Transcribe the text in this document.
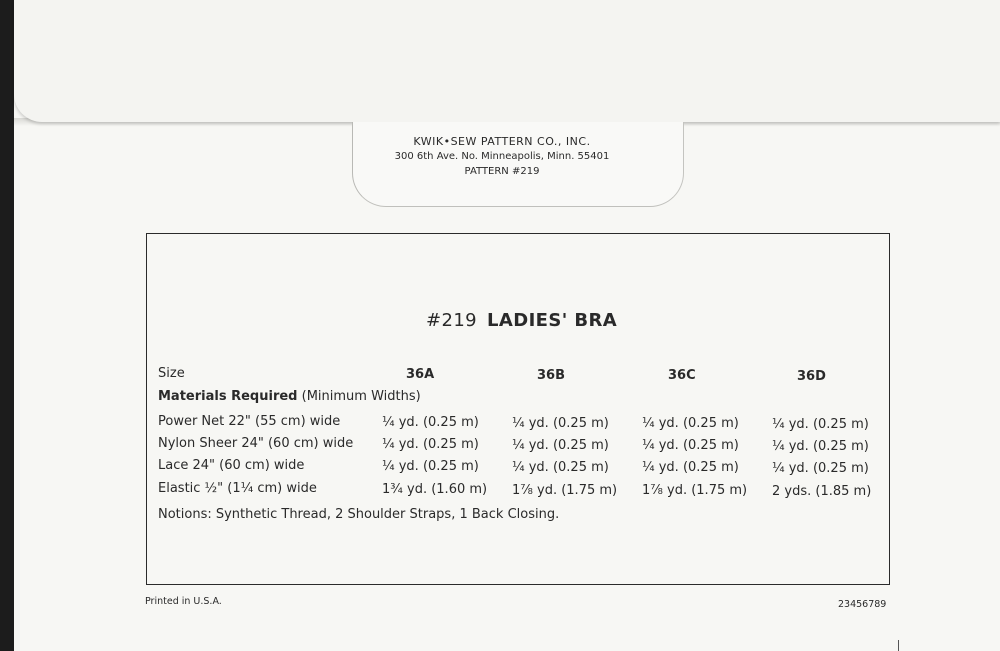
KWIK•SEW PATTERN CO., INC.
300 6th Ave. No. Minneapolis, Minn. 55401
PATTERN #219
#219 LADIES' BRA
Size	36A	36B	36C	36D
Materials Required (Minimum Widths)
Power Net 22" (55 cm) wide	¼ yd. (0.25 m)	¼ yd. (0.25 m)	¼ yd. (0.25 m)	¼ yd. (0.25 m)
Nylon Sheer 24" (60 cm) wide ¼ yd. (0.25 m)	¼ yd. (0.25 m)	¼ yd. (0.25 m)	¼ yd. (0.25 m)
Lace 24" (60 cm) wide	¼ yd. (0.25 m)	¼ yd. (0.25 m)	¼ yd. (0.25 m)	¼ yd. (0.25 m)
Elastic ½" (1¼ cm) wide	1¾ yd. (1.60 m) 1⅞ yd. (1.75 m) 1⅞ yd. (1.75 m) 2 yds. (1.85 m)
Notions: Synthetic Thread, 2 Shoulder Straps, 1 Back Closing.
Printed in U.S.A.	23456789
